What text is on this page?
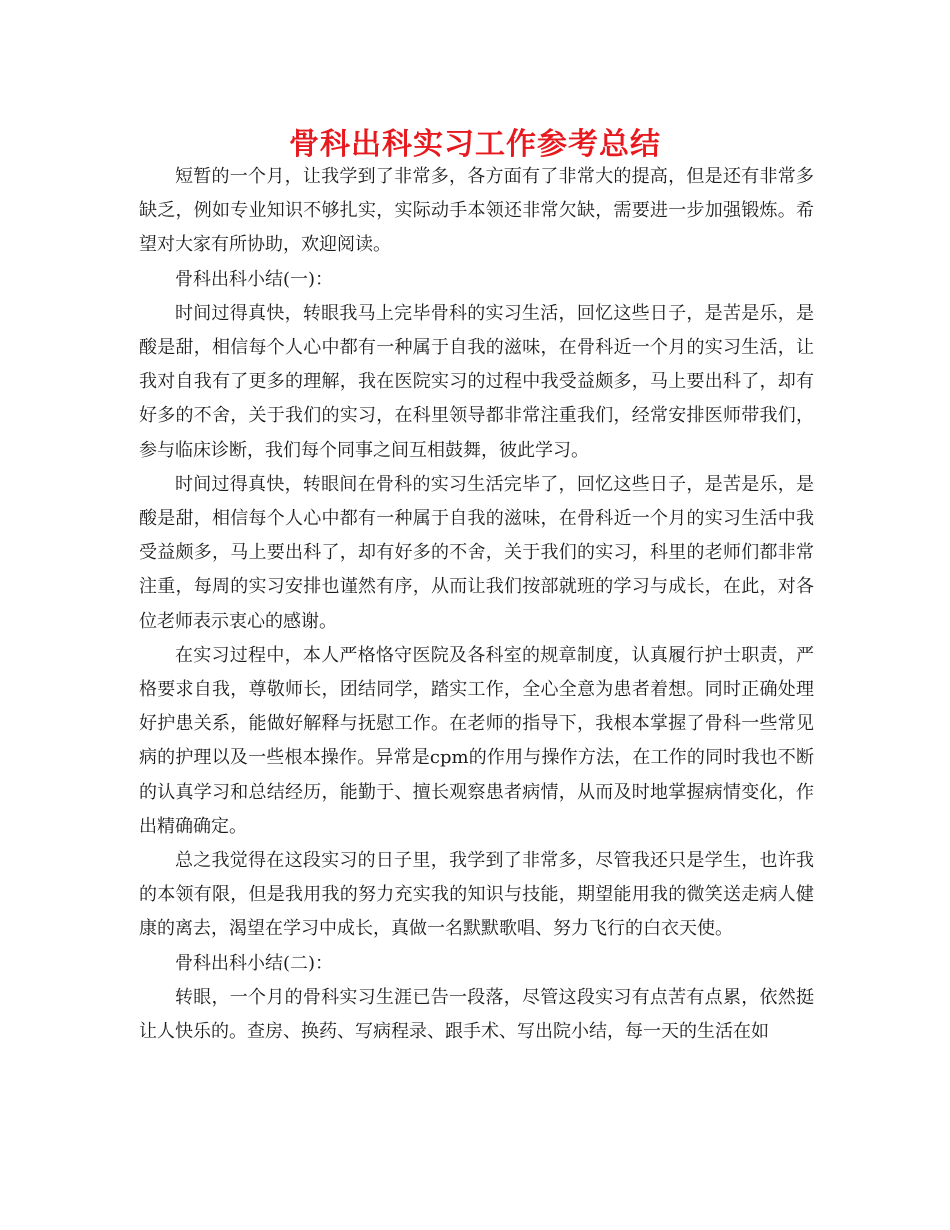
骨科出科实习工作参考总结

短暂的一个月，让我学到了非常多，各方面有了非常大的提高，但是还有非常多缺乏，例如专业知识不够扎实，实际动手本领还非常欠缺，需要进一步加强锻炼。希望对大家有所协助，欢迎阅读。

骨科出科小结(一)：

时间过得真快，转眼我马上完毕骨科的实习生活，回忆这些日子，是苦是乐，是酸是甜，相信每个人心中都有一种属于自我的滋味，在骨科近一个月的实习生活，让我对自我有了更多的理解，我在医院实习的过程中我受益颇多，马上要出科了，却有好多的不舍，关于我们的实习，在科里领导都非常注重我们，经常安排医师带我们，参与临床诊断，我们每个同事之间互相鼓舞，彼此学习。

时间过得真快，转眼间在骨科的实习生活完毕了，回忆这些日子，是苦是乐，是酸是甜，相信每个人心中都有一种属于自我的滋味，在骨科近一个月的实习生活中我受益颇多，马上要出科了，却有好多的不舍，关于我们的实习，科里的老师们都非常注重，每周的实习安排也谨然有序，从而让我们按部就班的学习与成长，在此，对各位老师表示衷心的感谢。

在实习过程中，本人严格恪守医院及各科室的规章制度，认真履行护士职责，严格要求自我，尊敬师长，团结同学，踏实工作，全心全意为患者着想。同时正确处理好护患关系，能做好解释与抚慰工作。在老师的指导下，我根本掌握了骨科一些常见病的护理以及一些根本操作。异常是cpm的作用与操作方法，在工作的同时我也不断的认真学习和总结经历，能勤于、擅长观察患者病情，从而及时地掌握病情变化，作出精确确定。

总之我觉得在这段实习的日子里，我学到了非常多，尽管我还只是学生，也许我的本领有限，但是我用我的努力充实我的知识与技能，期望能用我的微笑送走病人健康的离去，渴望在学习中成长，真做一名默默歌唱、努力飞行的白衣天使。

骨科出科小结(二)：

转眼，一个月的骨科实习生涯已告一段落，尽管这段实习有点苦有点累，依然挺让人快乐的。查房、换药、写病程录、跟手术、写出院小结，每一天的生活在如
